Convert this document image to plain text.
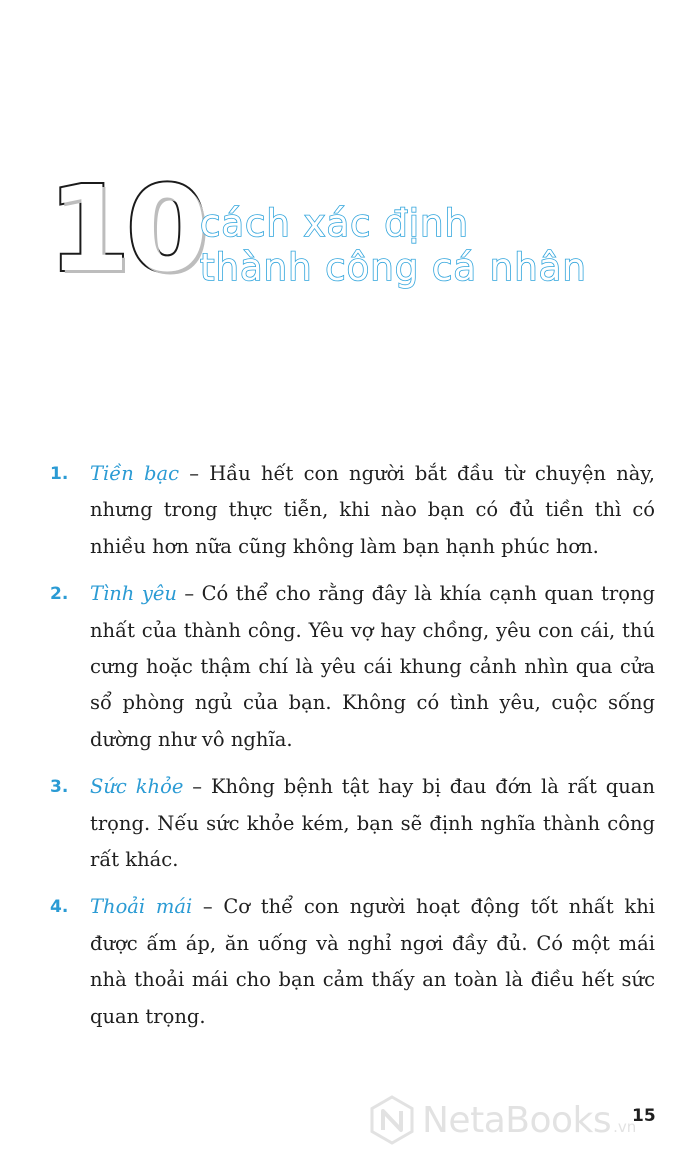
10
cách xác định
thành công cá nhân
1. Tiền bạc – Hầu hết con người bắt đầu từ chuyện này, nhưng trong thực tiễn, khi nào bạn có đủ tiền thì có nhiều hơn nữa cũng không làm bạn hạnh phúc hơn.
2. Tình yêu – Có thể cho rằng đây là khía cạnh quan trọng nhất của thành công. Yêu vợ hay chồng, yêu con cái, thú cưng hoặc thậm chí là yêu cái khung cảnh nhìn qua cửa sổ phòng ngủ của bạn. Không có tình yêu, cuộc sống dường như vô nghĩa.
3. Sức khỏe – Không bệnh tật hay bị đau đớn là rất quan trọng. Nếu sức khỏe kém, bạn sẽ định nghĩa thành công rất khác.
4. Thoải mái – Cơ thể con người hoạt động tốt nhất khi được ấm áp, ăn uống và nghỉ ngơi đầy đủ. Có một mái nhà thoải mái cho bạn cảm thấy an toàn là điều hết sức quan trọng.
NetaBooks .vn
15
